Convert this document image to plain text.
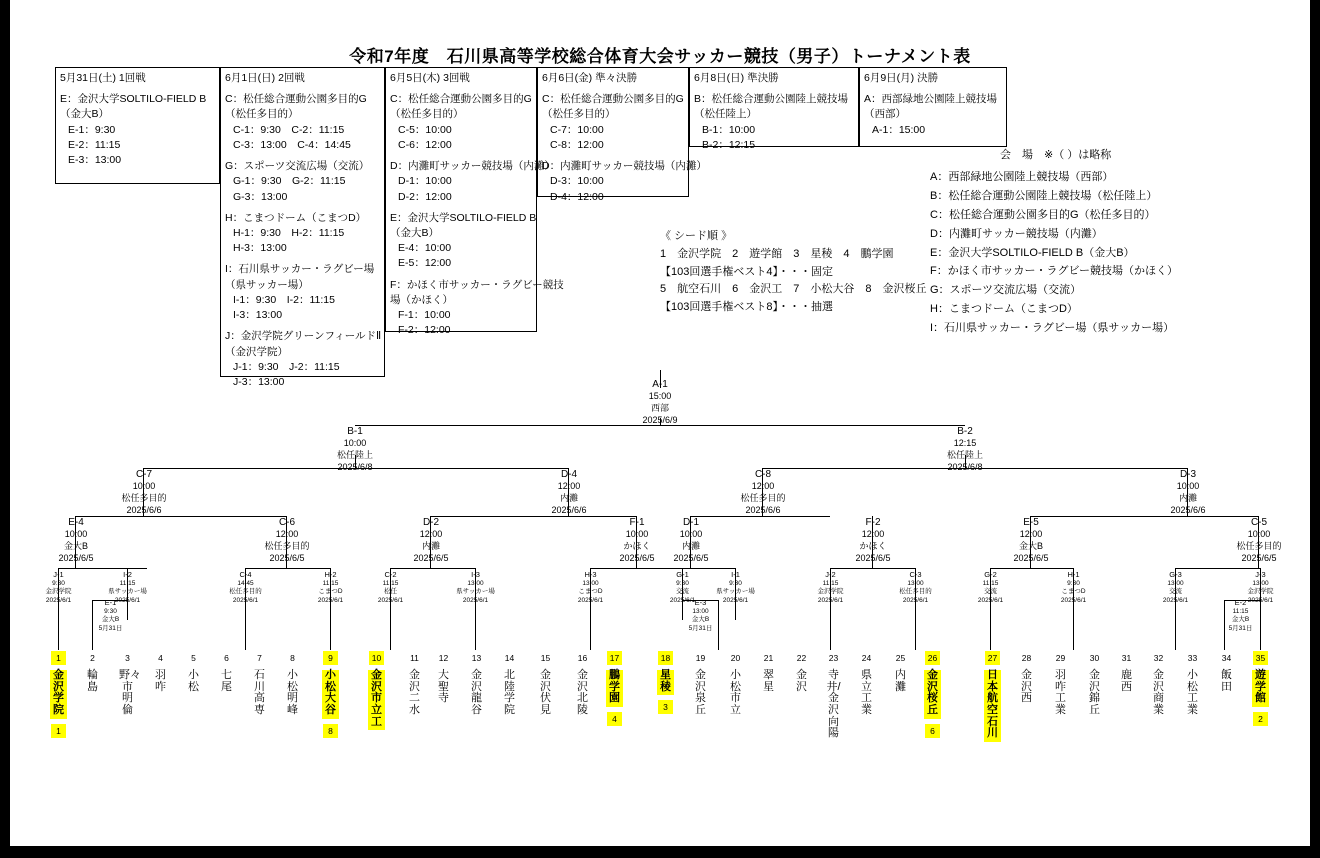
令和7年度　石川県高等学校総合体育大会サッカー競技（男子）トーナメント表
5月31日(土) 1回戦
E：金沢大学SOLTILO-FIELD B
（金大B）
E-1：9:30
E-2：11:15
E-3：13:00
6月1日(日) 2回戦
C：松任総合運動公園多目的G
（松任多目的）
C-1：9:30　C-2：11:15
C-3：13:00　C-4：14:45
G：スポーツ交流広場（交流）
G-1：9:30　G-2：11:15
G-3：13:00
H：こまつドーム（こまつD）
H-1：9:30　H-2：11:15
H-3：13:00
I：石川県サッカー・ラグビー場
（県サッカー場）
I-1：9:30　I-2：11:15
I-3：13:00
J：金沢学院グリーンフィールドⅡ
（金沢学院）
J-1：9:30　J-2：11:15
J-3：13:00
6月5日(木) 3回戦
C：松任総合運動公園多目的G
（松任多目的）
C-5：10:00
C-6：12:00
D：内灘町サッカー競技場（内灘）
D-1：10:00
D-2：12:00
E：金沢大学SOLTILO-FIELD B
（金大B）
E-4：10:00
E-5：12:00
F：かほく市サッカー・ラグビー競技
場（かほく）
F-1：10:00
F-2：12:00
6月6日(金) 準々決勝
C：松任総合運動公園多目的G
（松任多目的）
C-7：10:00
C-8：12:00
D：内灘町サッカー競技場（内灘）
D-3：10:00
D-4：12:00
6月8日(日) 準決勝
B：松任総合運動公園陸上競技場
（松任陸上）
B-1：10:00
B-2：12:15
6月9日(月) 決勝
A：西部緑地公園陸上競技場
（西部）
A-1：15:00
会　場　※（ ）は略称
A：西部緑地公園陸上競技場（西部）
B：松任総合運動公園陸上競技場（松任陸上）
C：松任総合運動公園多目的G（松任多目的）
D：内灘町サッカー競技場（内灘）
E：金沢大学SOLTILO-FIELD B（金大B）
F：かほく市サッカー・ラグビー競技場（かほく）
G：スポーツ交流広場（交流）
H：こまつドーム（こまつD）
I：石川県サッカー・ラグビー場（県サッカー場）
《 シード順 》
1　金沢学院　2　遊学館　3　星稜　4　鵬学園
【103回選手権ベスト4】・・・固定
5　航空石川　6　金沢工　7　小松大谷　8　金沢桜丘
【103回選手権ベスト8】・・・抽選
A-1
15:00
西部
2025/6/9
B-1
10:00
松任陸上
2025/6/8
B-2
12:15
松任陸上
2025/6/8
C-7
10:00
松任多目的
2025/6/6
D-4
12:00
内灘
2025/6/6
C-8
12:00
松任多目的
2025/6/6
D-3
10:00
内灘
2025/6/6
E-4
10:00
金大B
2025/6/5
C-6
12:00
松任多目的
2025/6/5
D-2
12:00
内灘
2025/6/5
F-1
10:00
かほく
2025/6/5
D-1
10:00
内灘
2025/6/5
F-2
12:00
かほく
2025/6/5
E-5
12:00
金大B
2025/6/5
C-5
10:00
松任多目的
2025/6/5
J-1
9:30
金沢学院
2025/6/1
I-2
11:15
県サッカー場
2025/6/1
C-4
14:45
松任多目的
2025/6/1
H-2
11:15
こまつD
2025/6/1
C-2
11:15
松任
2025/6/1
I-3
13:00
県サッカー場
2025/6/1
H-3
13:00
こまつD
2025/6/1
G-1
9:30
交流
2025/6/1
I-1
9:30
県サッカー場
2025/6/1
J-2
11:15
金沢学院
2025/6/1
C-3
13:00
松任多目的
2025/6/1
G-2
11:15
交流
2025/6/1
H-1
9:30
こまつD
2025/6/1
G-3
13:00
交流
2025/6/1
J-3
13:00
金沢学院
2025/6/1
E-1
9:30
金大B
5月31日
E-3
13:00
金大B
5月31日
E-2
11:15
金大B
5月31日
1
金沢学院
1
2
輪島
3
野々市明倫
4
羽咋
5
小松
6
七尾
7
石川高専
8
小松明峰
9
小松大谷
8
10
金沢市立工
11
金沢二水
12
大聖寺
13
金沢龍谷
14
北陸学院
15
金沢伏見
16
金沢北陵
17
鵬学園
4
18
星稜
3
19
金沢泉丘
20
小松市立
21
翠星
22
金沢
23
寺井/金沢向陽
24
県立工業
25
内灘
26
金沢桜丘
6
27
日本航空石川
28
金沢西
29
羽咋工業
30
金沢錦丘
31
鹿西
32
金沢商業
33
小松工業
34
飯田
35
遊学館
2
